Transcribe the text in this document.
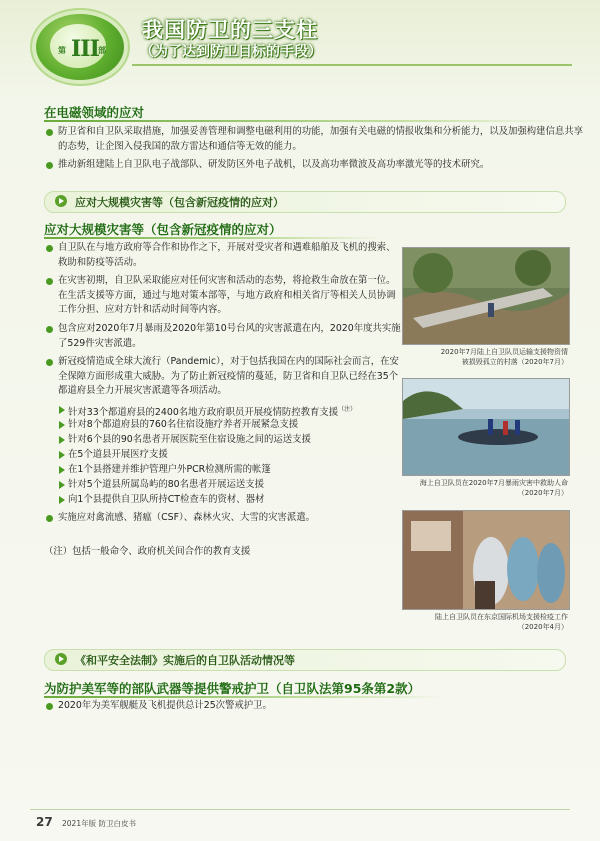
第 III 部
我国防卫的三支柱
（为了达到防卫目标的手段）
在电磁领域的应对
防卫省和自卫队采取措施，加强妥善管理和调整电磁利用的功能，加强有关电磁的情报收集和分析能力，以及加强构建信息共享的态势，让企图入侵我国的敌方雷达和通信等无效的能力。
推动新组建陆上自卫队电子战部队、研发防区外电子战机，以及高功率微波及高功率激光等的技术研究。
应对大规模灾害等（包含新冠疫情的应对）
应对大规模灾害等（包含新冠疫情的应对）
自卫队在与地方政府等合作和协作之下，开展对受灾者和遇难船舶及飞机的搜索、救助和防疫等活动。
在灾害初期，自卫队采取能应对任何灾害和活动的态势，将抢救生命放在第一位。在生活支援等方面，通过与地对策本部等，与地方政府和相关省厅等相关人员协调工作分担、应对方针和活动时间等内容。
包含应对2020年7月暴雨及2020年第10号台风的灾害派遣在内，2020年度共实施了529件灾害派遣。
新冠疫情造成全球大流行（Pandemic），对于包括我国在内的国际社会而言，在安全保障方面形成重大威胁。为了防止新冠疫情的蔓延，防卫省和自卫队已经在35个都道府县全力开展灾害派遣等各项活动。
针对33个都道府县的2400名地方政府职员开展疫情防控教育支援$^{(注)}$
针对8个都道府县的760名住宿设施疗养者开展紧急支援
针对6个县的90名患者开展医院至住宿设施之间的运送支援
在5个道县开展医疗支援
在1个县搭建并维护管理户外PCR检测所需的帐篷
针对5个道县所属岛屿的80名患者开展运送支援
向1个县提供自卫队所持CT检查车的资材、器材
实施应对禽流感、猪瘟（CSF）、森林火灾、大雪的灾害派遣。
（注）包括一般命令、政府机关间合作的教育支援
2020年7月陆上自卫队员运输支援物资情
被损毁孤立的村落（2020年7月）
海上自卫队员在2020年7月暴雨灾害中救助人命
（2020年7月）
陆上自卫队员在东京国际机场支援检疫工作
（2020年4月）
《和平安全法制》实施后的自卫队活动情况等
为防护美军等的部队武器等提供警戒护卫（自卫队法第95条第2款）
2020年为美军舰艇及飞机提供总计25次警戒护卫。
27 2021年版 防卫白皮书
